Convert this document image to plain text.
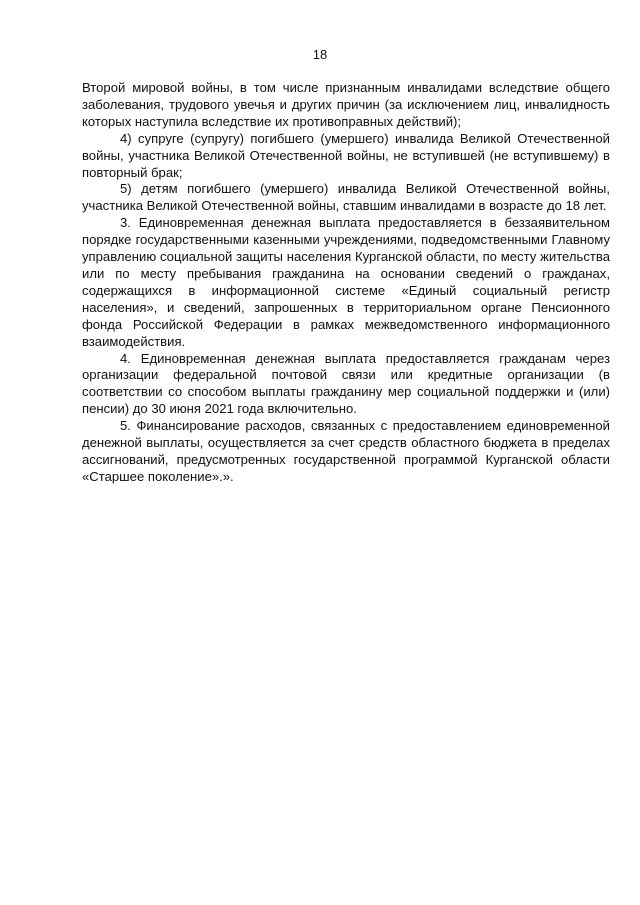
18

Второй мировой войны, в том числе признанным инвалидами вследствие общего заболевания, трудового увечья и других причин (за исключением лиц, инвалидность которых наступила вследствие их противоправных действий);

4) супруге (супругу) погибшего (умершего) инвалида Великой Отечественной войны, участника Великой Отечественной войны, не вступившей (не вступившему) в повторный брак;

5) детям погибшего (умершего) инвалида Великой Отечественной войны, участника Великой Отечественной войны, ставшим инвалидами в возрасте до 18 лет.

3. Единовременная денежная выплата предоставляется в беззаявительном порядке государственными казенными учреждениями, подведомственными Главному управлению социальной защиты населения Курганской области, по месту жительства или по месту пребывания гражданина на основании сведений о гражданах, содержащихся в информационной системе «Единый социальный регистр населения», и сведений, запрошенных в территориальном органе Пенсионного фонда Российской Федерации в рамках межведомственного информационного взаимодействия.

4. Единовременная денежная выплата предоставляется гражданам через организации федеральной почтовой связи или кредитные организации (в соответствии со способом выплаты гражданину мер социальной поддержки и (или) пенсии) до 30 июня 2021 года включительно.

5. Финансирование расходов, связанных с предоставлением единовременной денежной выплаты, осуществляется за счет средств областного бюджета в пределах ассигнований, предусмотренных государственной программой Курганской области «Старшее поколение».».
